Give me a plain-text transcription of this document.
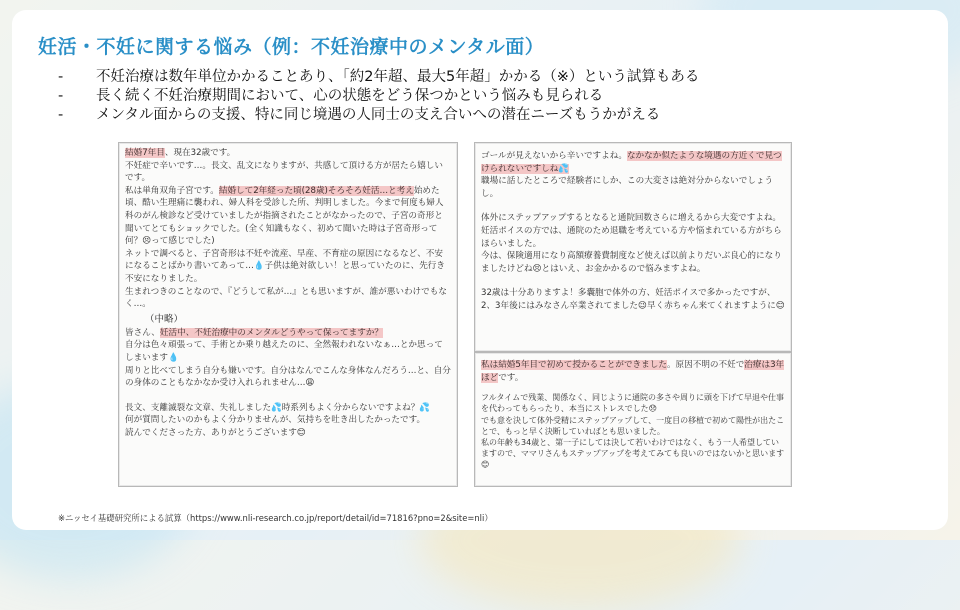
妊活・不妊に関する悩み（例：不妊治療中のメンタル面）
- 不妊治療は数年単位かかることあり、「約2年超、最大5年超」かかる（※）という試算もある
- 長く続く不妊治療期間において、心の状態をどう保つかという悩みも見られる
- メンタル面からの支援、特に同じ境遇の人同士の支え合いへの潜在ニーズもうかがえる

結婚7年目、現在32歳です。
不妊症で辛いです…。長文、乱文になりますが、共感して頂ける方が居たら嬉しいです。
私は単角双角子宮です。結婚して2年経った頃(28歳)そろそろ妊活…と考え始めた頃、酷い生理痛に襲われ、婦人科を受診した所、判明しました。今まで何度も婦人科のがん検診など受けていましたが指摘されたことがなかったので、子宮の奇形と聞いてとてもショックでした。(全く知識もなく、初めて聞いた時は子宮奇形って何？😣って感じでした)
ネットで調べると、子宮奇形は不妊や流産、早産、不育症の原因になるなど、不安になることばかり書いてあって…💧子供は絶対欲しい！と思っていたのに、先行き不安になりました。
生まれつきのことなので、『どうして私が…』とも思いますが、誰が悪いわけでもなく…。

（中略）

皆さん、妊活中、不妊治療中のメンタルどうやって保ってますか？
自分は色々頑張って、手術とか乗り越えたのに、全然報われないなぁ…とか思ってしまいます💧
周りと比べてしまう自分も嫌いです。自分はなんでこんな身体なんだろう…と、自分の身体のこともなかなか受け入れられません…😩

長文、支離滅裂な文章、失礼しました💦時系列もよく分からないですよね？💦
何が質問したいのかもよく分かりませんが、気持ちを吐き出したかったです。
読んでくださった方、ありがとうございます😊

ゴールが見えないから辛いですよね。なかなか似たような境遇の方近くで見つけられないですしね💦
職場に話したところで経験者にしか、この大変さは絶対分からないでしょうし。

体外にステップアップするとなると通院回数さらに増えるから大変ですよね。妊活ポイスの方では、通院のため退職を考えている方や悩まれている方がちらほらいました。
今は、保険適用になり高額療養費制度など使えば以前よりだいぶ良心的になりましたけどね😣とはいえ、お金かかるので悩みますよね。

32歳は十分ありますよ！多囊胞で体外の方、妊活ポイスで多かったですが、2、3年後にはみなさん卒業されてました😉早く赤ちゃん来てくれますように😊

私は結婚5年目で初めて授かることができました。原因不明の不妊で治療は3年ほどです。

フルタイムで残業、関係なく、同じように通院の多さや周りに頭を下げて早退や仕事を代わってもらったり、本当にストレスでした😞
でも意を決して体外受精にステップアップして、一度目の移植で初めて陽性が出たことで、もっと早く決断していればとも思いました。
私の年齢も34歳と、第一子にしては決して若いわけではなく、もう一人希望していますので、ママリさんもステップアップを考えてみても良いのではないかと思います😊

※ニッセイ基礎研究所による試算（https://www.nli-research.co.jp/report/detail/id=71816?pno=2&site=nli）
